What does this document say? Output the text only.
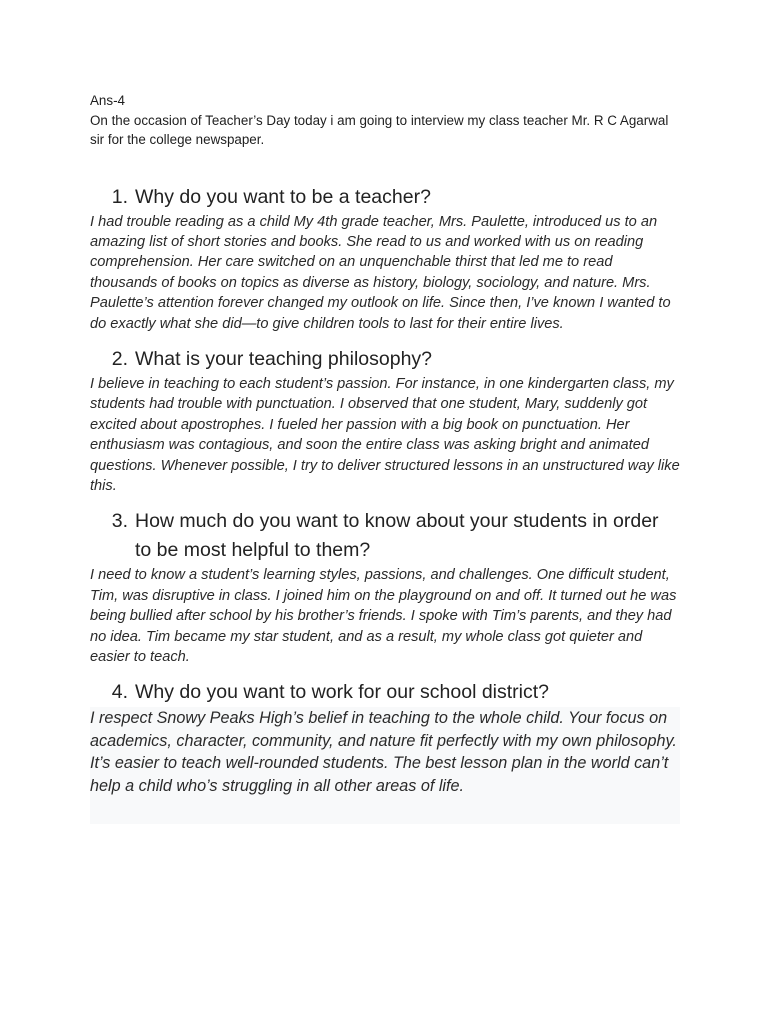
Ans-4

On the occasion of Teacher’s Day today i am going to interview my class teacher Mr. R C Agarwal sir for the college newspaper.

1. Why do you want to be a teacher?

I had trouble reading as a child My 4th grade teacher, Mrs. Paulette, introduced us to an amazing list of short stories and books. She read to us and worked with us on reading comprehension. Her care switched on an unquenchable thirst that led me to read thousands of books on topics as diverse as history, biology, sociology, and nature. Mrs. Paulette’s attention forever changed my outlook on life. Since then, I’ve known I wanted to do exactly what she did—to give children tools to last for their entire lives.

2. What is your teaching philosophy?

I believe in teaching to each student’s passion. For instance, in one kindergarten class, my students had trouble with punctuation. I observed that one student, Mary, suddenly got excited about apostrophes. I fueled her passion with a big book on punctuation. Her enthusiasm was contagious, and soon the entire class was asking bright and animated questions. Whenever possible, I try to deliver structured lessons in an unstructured way like this.

3. How much do you want to know about your students in order to be most helpful to them?

I need to know a student’s learning styles, passions, and challenges. One difficult student, Tim, was disruptive in class. I joined him on the playground on and off. It turned out he was being bullied after school by his brother’s friends. I spoke with Tim’s parents, and they had no idea. Tim became my star student, and as a result, my whole class got quieter and easier to teach.

4. Why do you want to work for our school district?

I respect Snowy Peaks High’s belief in teaching to the whole child. Your focus on academics, character, community, and nature fit perfectly with my own philosophy. It’s easier to teach well-rounded students. The best lesson plan in the world can’t help a child who’s struggling in all other areas of life.
